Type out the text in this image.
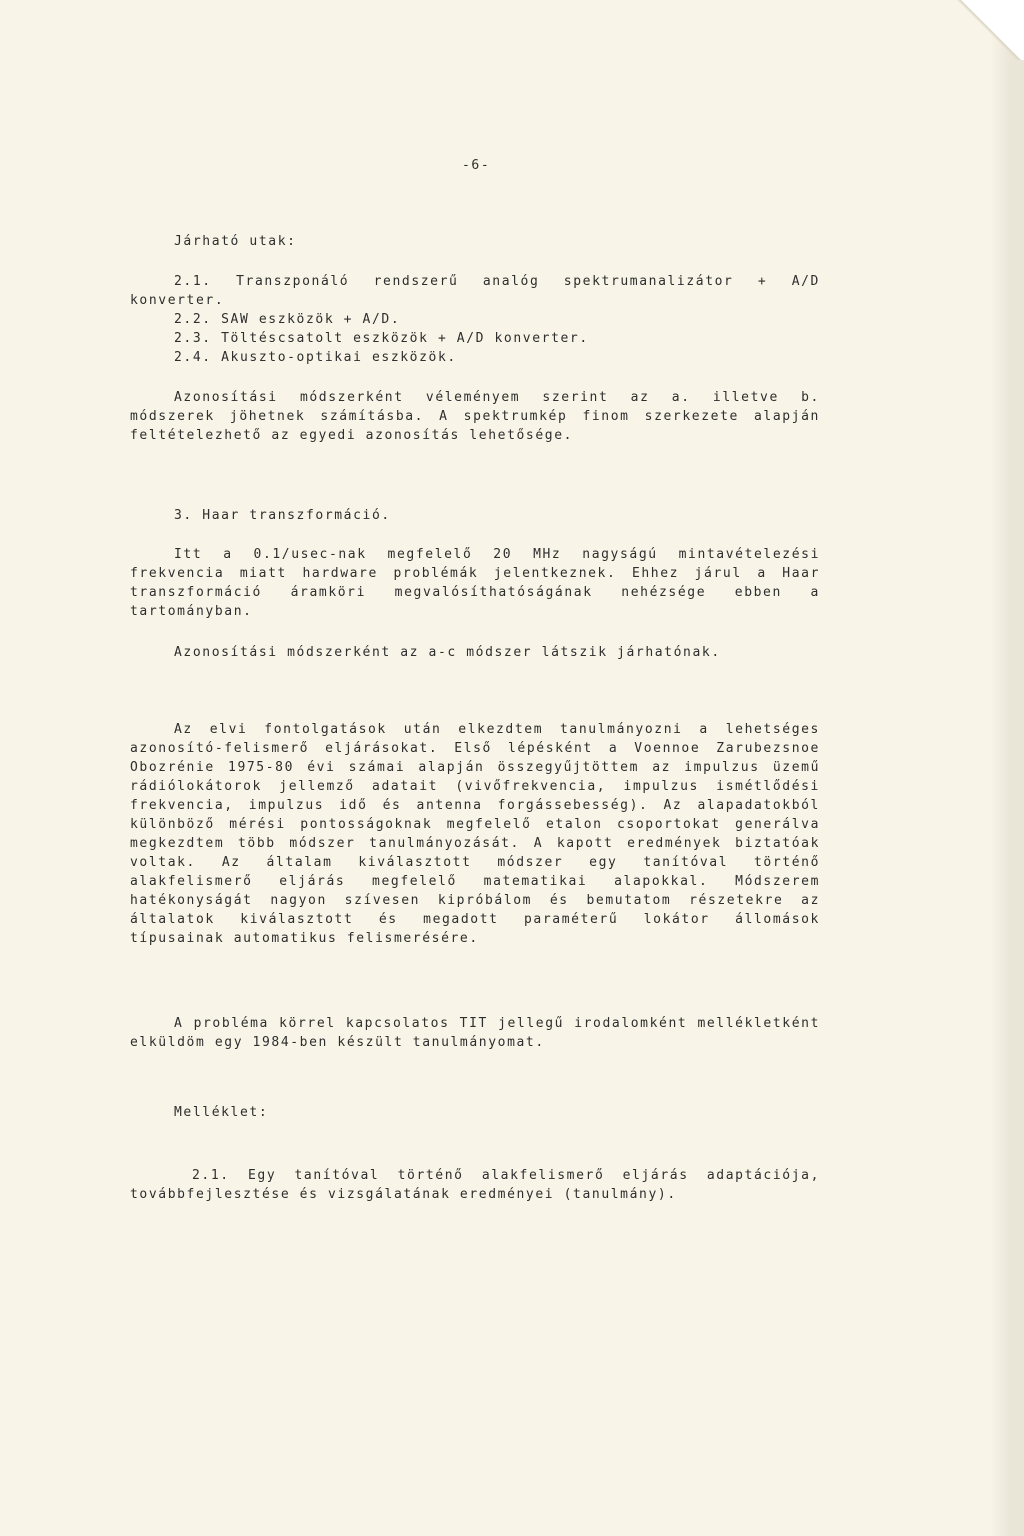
-6-
Járható utak:
2.1. Transzponáló rendszerű analóg spektrumanalizátor + A/D konverter.
2.2. SAW eszközök + A/D.
2.3. Töltéscsatolt eszközök + A/D konverter.
2.4. Akuszto-optikai eszközök.
Azonosítási módszerként véleményem szerint az a. illetve b. módszerek jöhetnek számításba. A spektrumkép finom szerkezete alapján feltételezhető az egyedi azonosítás lehetősége.
3. Haar transzformáció.
Itt a 0.1/usec-nak megfelelő 20 MHz nagyságú mintavételezési frekvencia miatt hardware problémák jelentkeznek. Ehhez járul a Haar transzformáció áramköri megvalósíthatóságának nehézsége ebben a tartományban.
Azonosítási módszerként az a-c módszer látszik járhatónak.
Az elvi fontolgatások után elkezdtem tanulmányozni a lehetséges azonosító-felismerő eljárásokat. Első lépésként a Voennoe Zarubezsnoe Obozrénie 1975-80 évi számai alapján összegyűjtöttem az impulzus üzemű rádiólokátorok jellemző adatait (vivőfrekvencia, impulzus ismétlődési frekvencia, impulzus idő és antenna forgássebesség). Az alapadatokból különböző mérési pontosságoknak megfelelő etalon csoportokat generálva megkezdtem több módszer tanulmányozását. A kapott eredmények biztatóak voltak. Az általam kiválasztott módszer egy tanítóval történő alakfelismerő eljárás megfelelő matematikai alapokkal. Módszerem hatékonyságát nagyon szívesen kipróbálom és bemutatom részetekre az általatok kiválasztott és megadott paraméterű lokátor állomások típusainak automatikus felismerésére.
A probléma körrel kapcsolatos TIT jellegű irodalomként mellékletként elküldöm egy 1984-ben készült tanulmányomat.
Melléklet:
2.1. Egy tanítóval történő alakfelismerő eljárás adaptációja, továbbfejlesztése és vizsgálatának eredményei (tanulmány).
